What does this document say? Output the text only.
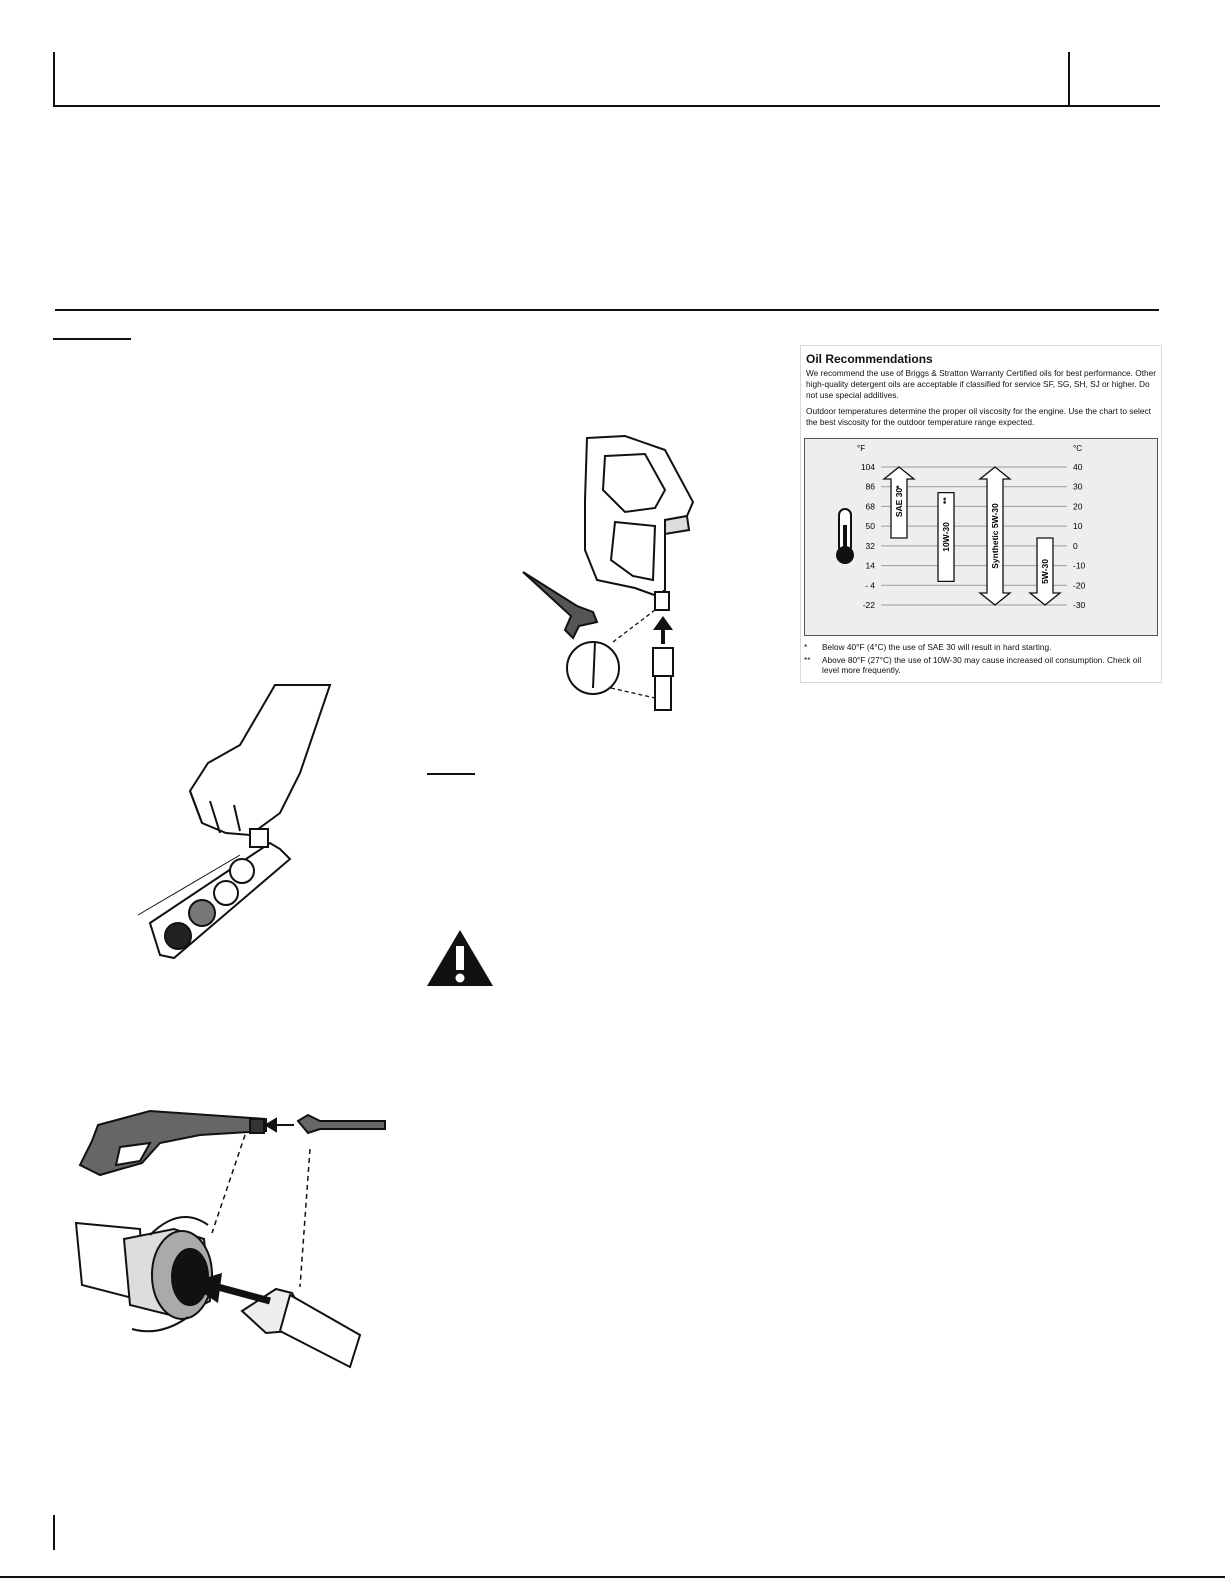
Oil Recommendations
We recommend the use of Briggs & Stratton Warranty Certified oils for best performance. Other high-quality detergent oils are acceptable if classified for service SF, SG, SH, SJ or higher. Do not use special additives.
Outdoor temperatures determine the proper oil viscosity for the engine. Use the chart to select the best viscosity for the outdoor temperature range expected.
°F	°C
104	40
86	30
68	20
50	10
32	0
14	-10
- 4	-20
-22	-30
SAE 30
*
10W-30
**
Synthetic 5W-30
5W-30
* Below 40°F (4°C) the use of SAE 30 will result in hard starting.
** Above 80°F (27°C) the use of 10W-30 may cause increased oil consumption. Check oil level more frequently.
